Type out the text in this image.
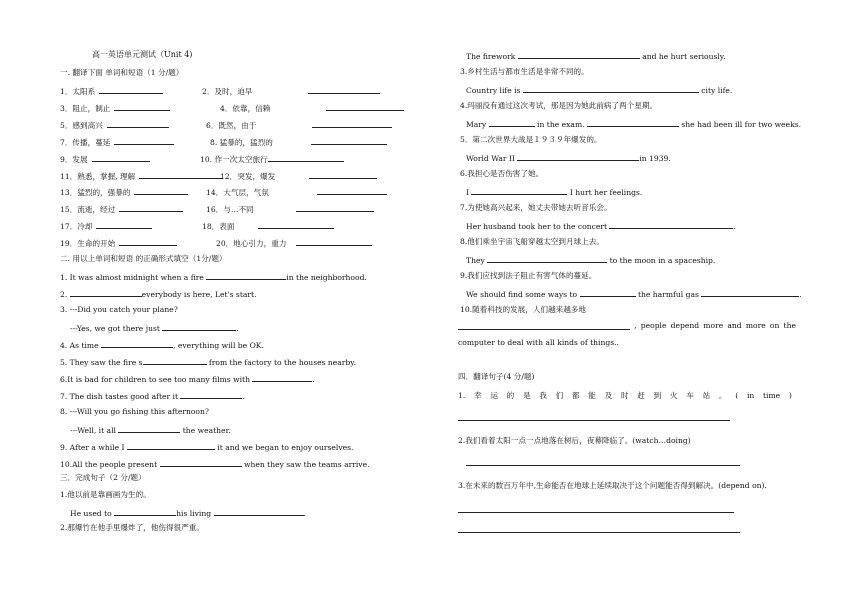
高一英语单元测试（Unit 4)
一. 翻译下面 单词和短语（1 分/题）
1．太阳系	2．及时，迫早
3．阻止，制止	4．依靠，信赖
5．感到高兴	6．既然，由于
7．传播，蔓延	8. 猛暴的，猛烈的
9．发展	10. 作一次太空旅行
11．熟悉，掌握, 理解	12．突发，爆发
13．猛烈的，强暴的	14．大气层，气氛
15．流逝，经过	16．与…不同
17．冷却	18．表面
19．生命的开始	20．地心引力，重力
二. 用以上单词和短语 的正确形式填空（1分/题）
1. It was almost midnight when a fire	in the neighborhood.
2.	everybody is here, Let's start.
3. ---Did you catch your plane?
---Yes, we got there just	.
4. As time	, everything will be OK.
5. They saw the fire s	from the factory to the houses nearby.
6.It is bad for children to see too many films with	.
7. The dish tastes good after it	.
8. ---Will you go fishing this afternoon?
---Well, it all	the weather.
9. After a while I	it and we began to enjoy ourselves.
10.All the people present	when they saw the teams arrive.
三．完成句子（2 分/题）
1.他以前是靠画画为生的。
He used to	his living	.
2.那爆竹在他手里爆炸了，他伤得很严重。
The firework	and he hurt seriously.
3.乡村生活与都市生活是非常不同的。
Country life is	city life.
4.玛丽没有通过这次考试，那是因为她此前病了两个星期。
Mary	in the exam.	she had been ill for two weeks.
5．第二次世界大战是１９３９年爆发的。
World War II	in 1939.
6.我担心是否伤害了她。
I	I hurt her feelings.
7.为使她高兴起来，她丈夫带她去听音乐会。
Her husband took her to the concert	.
8.他们乘坐宇宙飞船穿越太空到月球上去。
They	to the moon in a spaceship.
9.我们应找到法子阻止有害气体的蔓延。
We should find some ways to	the harmful gas	.
10.随着科技的发展，人们越来越多地
, people depend more and more on the
computer to deal with all kinds of things..
四．翻译句子(4 分/题)
1. 幸 运 的 是 我 们 都 能 及 时 赶 到 火 车 站 。 ( in time )
2.我们看着太阳一点一点地落在树后，夜幕降临了。(watch…doing)
3.在未来的数百万年中,生命能否在地球上延续取决于这个问题能否得到解决。(depend on).
